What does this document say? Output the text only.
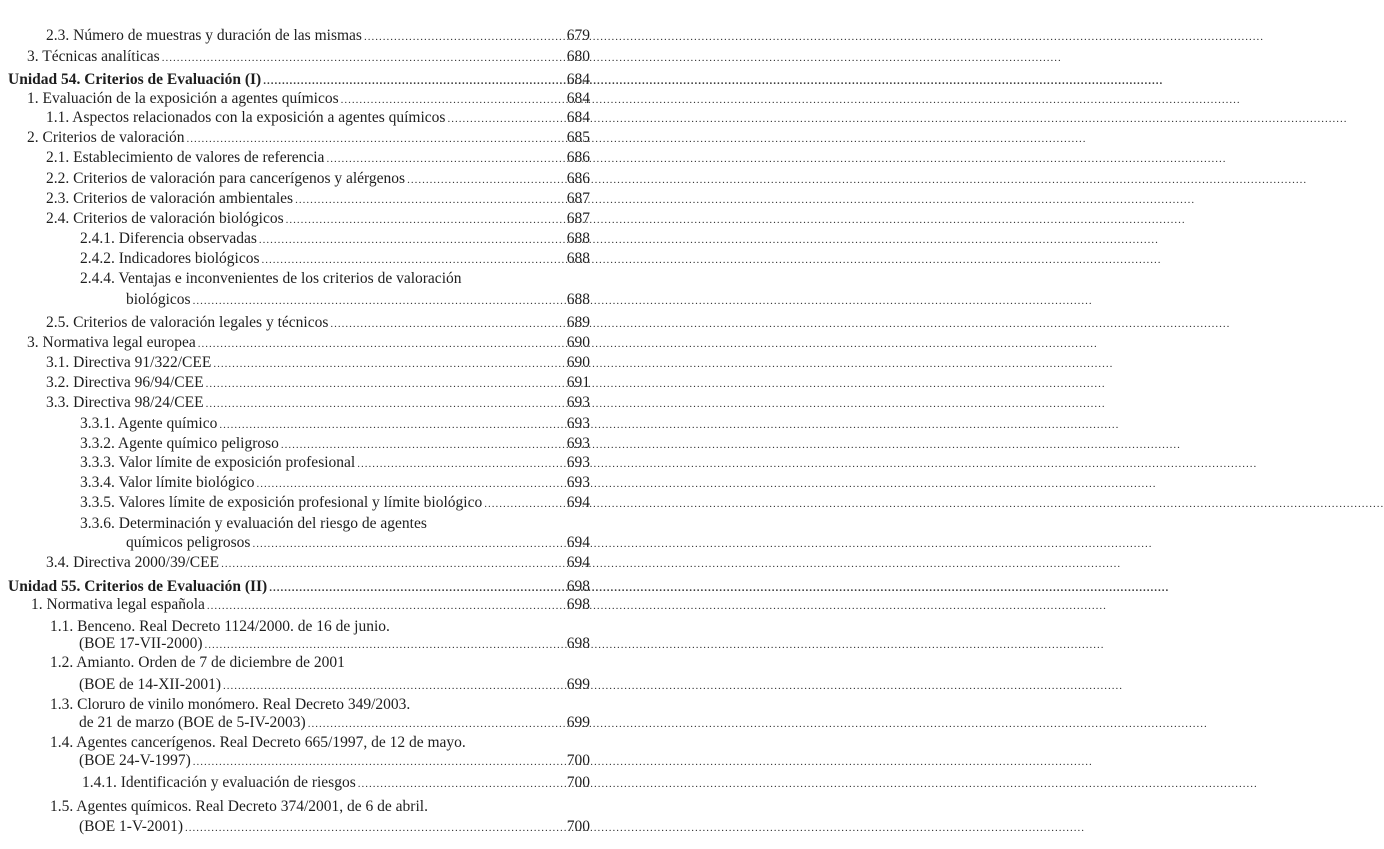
679
2.3. Número de muestras y duración de las mismas
.....
680
3. Técnicas analíticas
.....
684
Unidad 54. Criterios de Evaluación (I)
.....
684
1. Evaluación de la exposición a agentes químicos
.....
684
1.1. Aspectos relacionados con la exposición a agentes químicos
.....
685
2. Criterios de valoración
.....
686
2.1. Establecimiento de valores de referencia
.....
686
2.2. Criterios de valoración para cancerígenos y alérgenos
.....
687
2.3. Criterios de valoración ambientales
.....
687
2.4. Criterios de valoración biológicos
.....
688
2.4.1. Diferencia observadas
.....
688
2.4.2. Indicadores biológicos
.....
2.4.4. Ventajas e inconvenientes de los criterios de valoración
688
biológicos
.....
689
2.5. Criterios de valoración legales y técnicos
.....
690
3. Normativa legal europea
.....
690
3.1. Directiva 91/322/CEE
.....
691
3.2. Directiva 96/94/CEE
.....
693
3.3. Directiva 98/24/CEE
.....
693
3.3.1. Agente químico
.....
693
3.3.2. Agente químico peligroso
.....
693
3.3.3. Valor límite de exposición profesional
.....
693
3.3.4. Valor límite biológico
.....
694
3.3.5. Valores límite de exposición profesional y límite biológico
.....
3.3.6. Determinación y evaluación del riesgo de agentes
694
químicos peligrosos
.....
694
3.4. Directiva 2000/39/CEE
.....
698
Unidad 55. Criterios de Evaluación (II)
.....
698
1. Normativa legal española
.....
1.1. Benceno. Real Decreto 1124/2000. de 16 de junio.
698
(BOE 17-VII-2000)
.....
1.2. Amianto. Orden de 7 de diciembre de 2001
699
(BOE de 14-XII-2001)
.....
1.3. Cloruro de vinilo monómero. Real Decreto 349/2003.
699
de 21 de marzo (BOE de 5-IV-2003)
.....
1.4. Agentes cancerígenos. Real Decreto 665/1997, de 12 de mayo.
700
(BOE 24-V-1997)
.....
700
1.4.1. Identificación y evaluación de riesgos
.....
1.5. Agentes químicos. Real Decreto 374/2001, de 6 de abril.
700
(BOE 1-V-2001)
.....
